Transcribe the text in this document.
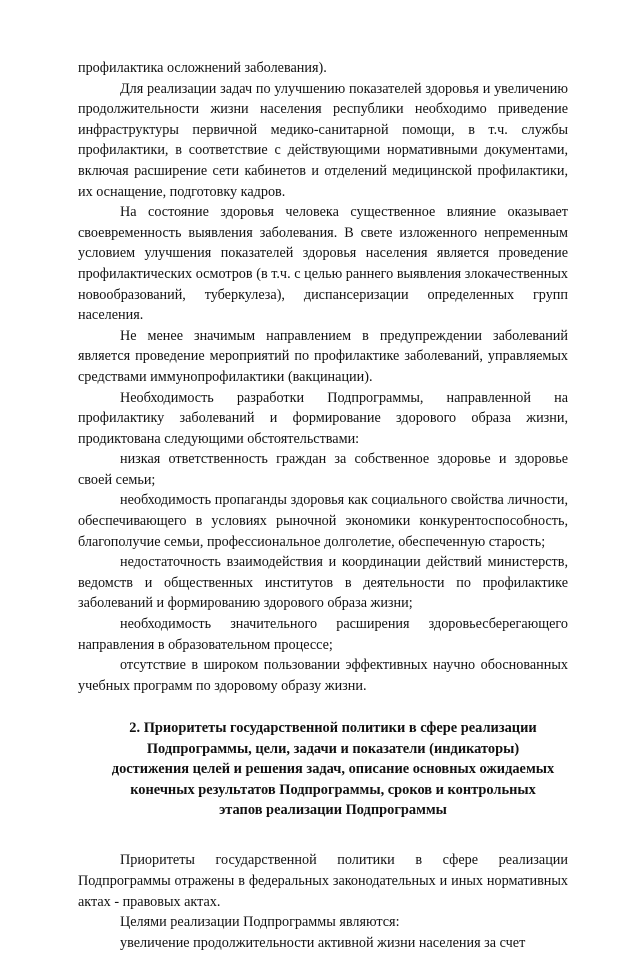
профилактика осложнений заболевания).

Для реализации задач по улучшению показателей здоровья и увеличению продолжительности жизни населения республики необходимо приведение инфраструктуры первичной медико-санитарной помощи, в т.ч. службы профилактики, в соответствие с действующими нормативными документами, включая расширение сети кабинетов и отделений медицинской профилактики, их оснащение, подготовку кадров.

На состояние здоровья человека существенное влияние оказывает своевременность выявления заболевания. В свете изложенного непременным условием улучшения показателей здоровья населения является проведение профилактических осмотров (в т.ч. с целью раннего выявления злокачественных новообразований, туберкулеза), диспансеризации определенных групп населения.

Не менее значимым направлением в предупреждении заболеваний является проведение мероприятий по профилактике заболеваний, управляемых средствами иммунопрофилактики (вакцинации).

Необходимость разработки Подпрограммы, направленной на профилактику заболеваний и формирование здорового образа жизни, продиктована следующими обстоятельствами:

низкая ответственность граждан за собственное здоровье и здоровье своей семьи;

необходимость пропаганды здоровья как социального свойства личности, обеспечивающего в условиях рыночной экономики конкурентоспособность, благополучие семьи, профессиональное долголетие, обеспеченную старость;

недостаточность взаимодействия и координации действий министерств, ведомств и общественных институтов в деятельности по профилактике заболеваний и формированию здорового образа жизни;

необходимость значительного расширения здоровьесберегающего направления в образовательном процессе;

отсутствие в широком пользовании эффективных научно обоснованных учебных программ по здоровому образу жизни.

2. Приоритеты государственной политики в сфере реализации Подпрограммы, цели, задачи и показатели (индикаторы) достижения целей и решения задач, описание основных ожидаемых конечных результатов Подпрограммы, сроков и контрольных этапов реализации Подпрограммы

Приоритеты государственной политики в сфере реализации Подпрограммы отражены в федеральных законодательных и иных нормативных актах - правовых актах.

Целями реализации Подпрограммы являются:

увеличение продолжительности активной жизни населения за счет
